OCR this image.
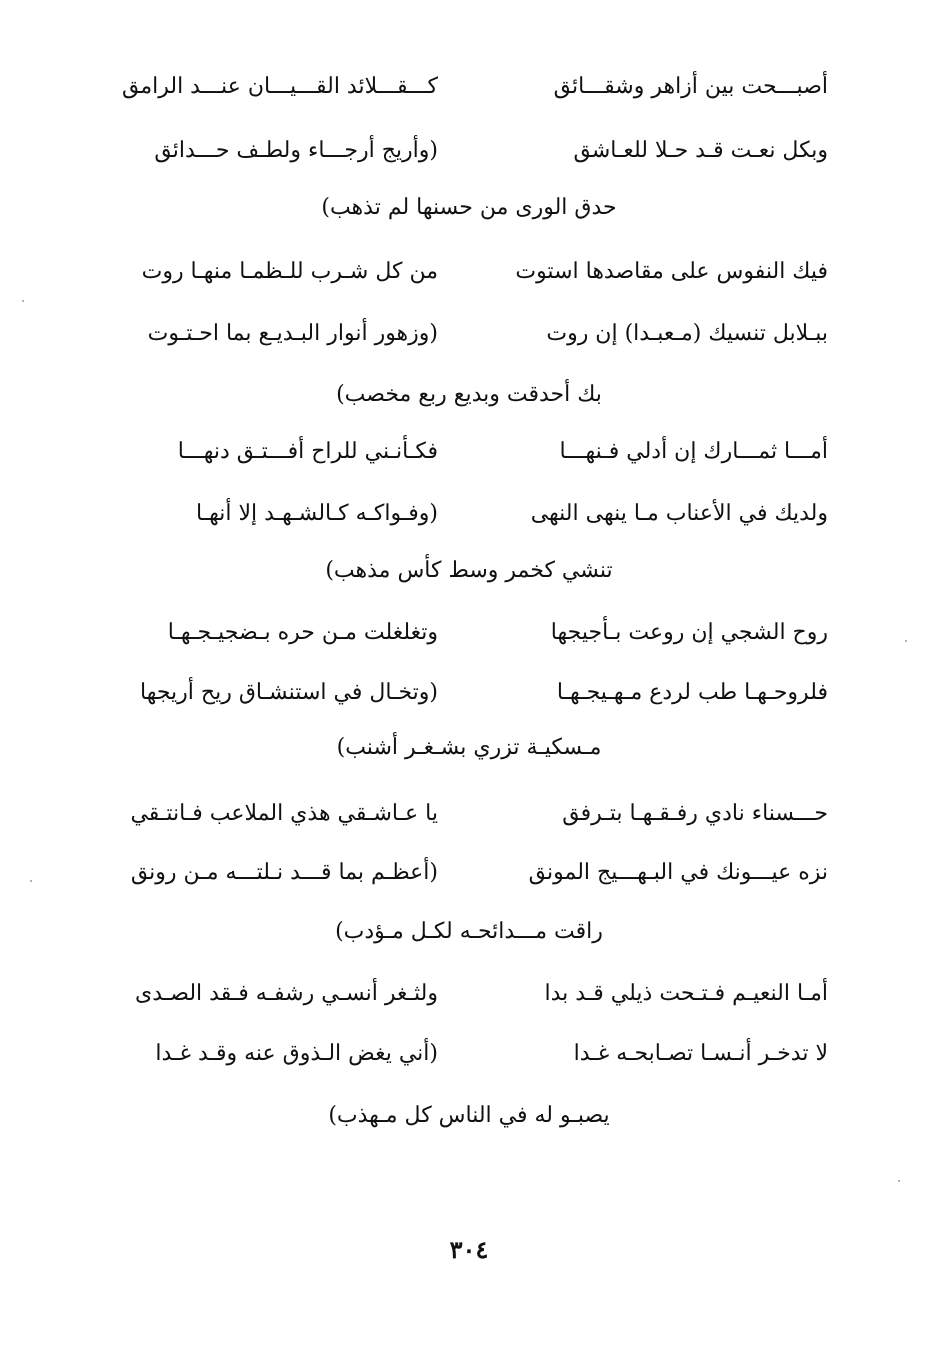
أصبـــحت بين أزاهر وشقـــائق
كـــقـــلائد القـــيـــان عنـــد الرامق
وبكل نعـت قـد حـلا للعـاشق
(وأريج أرجـــاء ولطـف حـــدائق
حدق الورى من حسنها لم تذهب)
فيك النفوس على مقاصدها استوت
من كل شـرب للـظمـا منهـا روت
ببـلابل تنسيك (مـعبـدا) إن روت
(وزهور أنوار البـديـع بما احـتـوت
بك أحدقت وبديع ربع مخصب)
أمـــا ثمـــارك إن أدلي فـنهـــا
فكـأنـني للراح أفـــتـق دنهـــا
ولديك في الأعناب مـا ينهى النهى
(وفـواكـه كـالشـهـد إلا أنهـا
تنشي كخمر وسط كأس مذهب)
روح الشجي إن روعت بـأجيجها
وتغلغلت مـن حره بـضجيـجـهـا
فلروحـهـا طب لردع مـهـيجـهـا
(وتخـال في استنشـاق ريح أريجها
مـسكيـة تزري بشـغـر أشنب)
حـــسناء نادي رفـقـهـا بتـرفق
يا عـاشـقي هذي الملاعب فـانتـقي
نزه عيـــونك في البـهـــيج المونق
(أعظـم بما قـــد نـلتـــه مـن رونق
راقت مـــدائحـه لكـل مـؤدب)
أمـا النعيـم فـتـحت ذيلي قـد بدا
ولثـغر أنسـي رشفـه فـقد الصـدى
لا تدخـر أنـسـا تصـابحـه غـدا
(أني يغض الـذوق عنه وقـد غـدا
يصبـو له في الناس كل مـهذب)
٣٠٤
